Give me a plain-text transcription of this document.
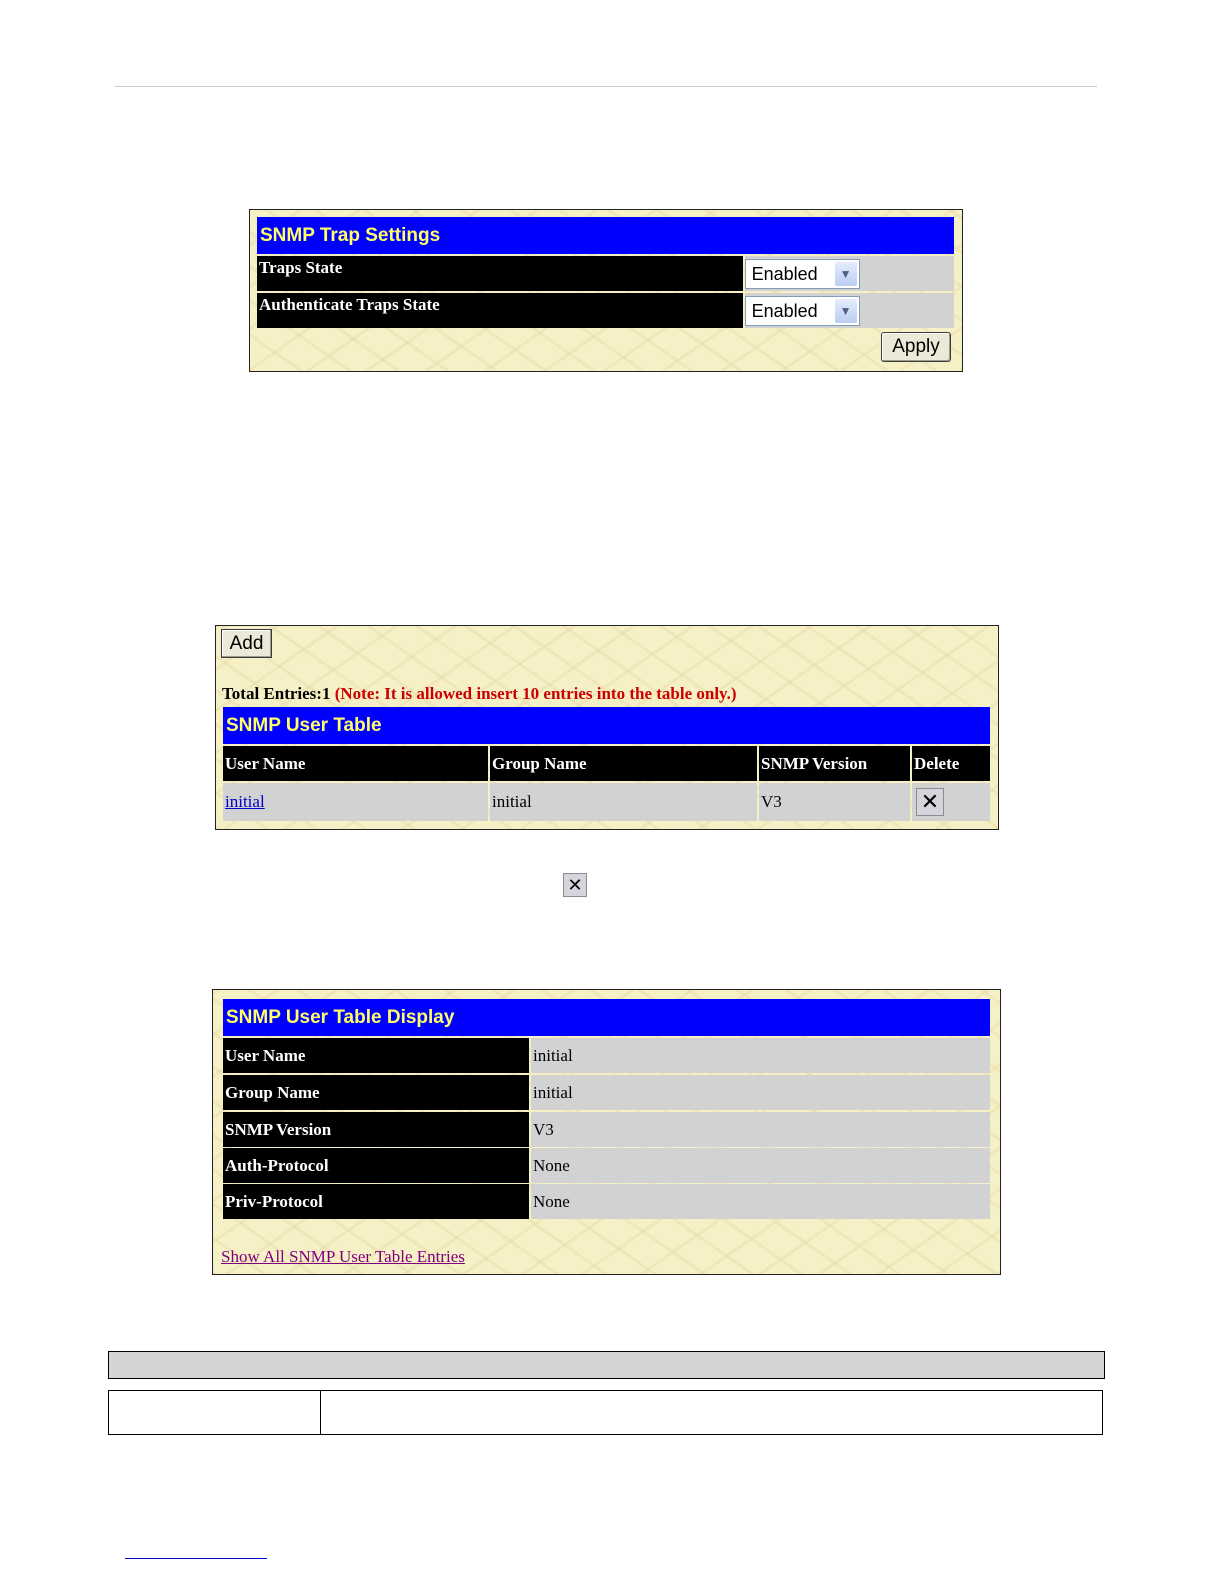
SNMP Trap Settings
Traps State	Enabled	▼
Authenticate Traps State	Enabled	▼
Apply
Add
Total Entries:1 (Note: It is allowed insert 10 entries into the table only.)
SNMP User Table
User Name	Group Name	SNMP Version	Delete
initial	initial	V3	✕
✕
SNMP User Table Display
User Name	initial
Group Name	initial
SNMP Version	V3
Auth-Protocol	None
Priv-Protocol	None
Show All SNMP User Table Entries
